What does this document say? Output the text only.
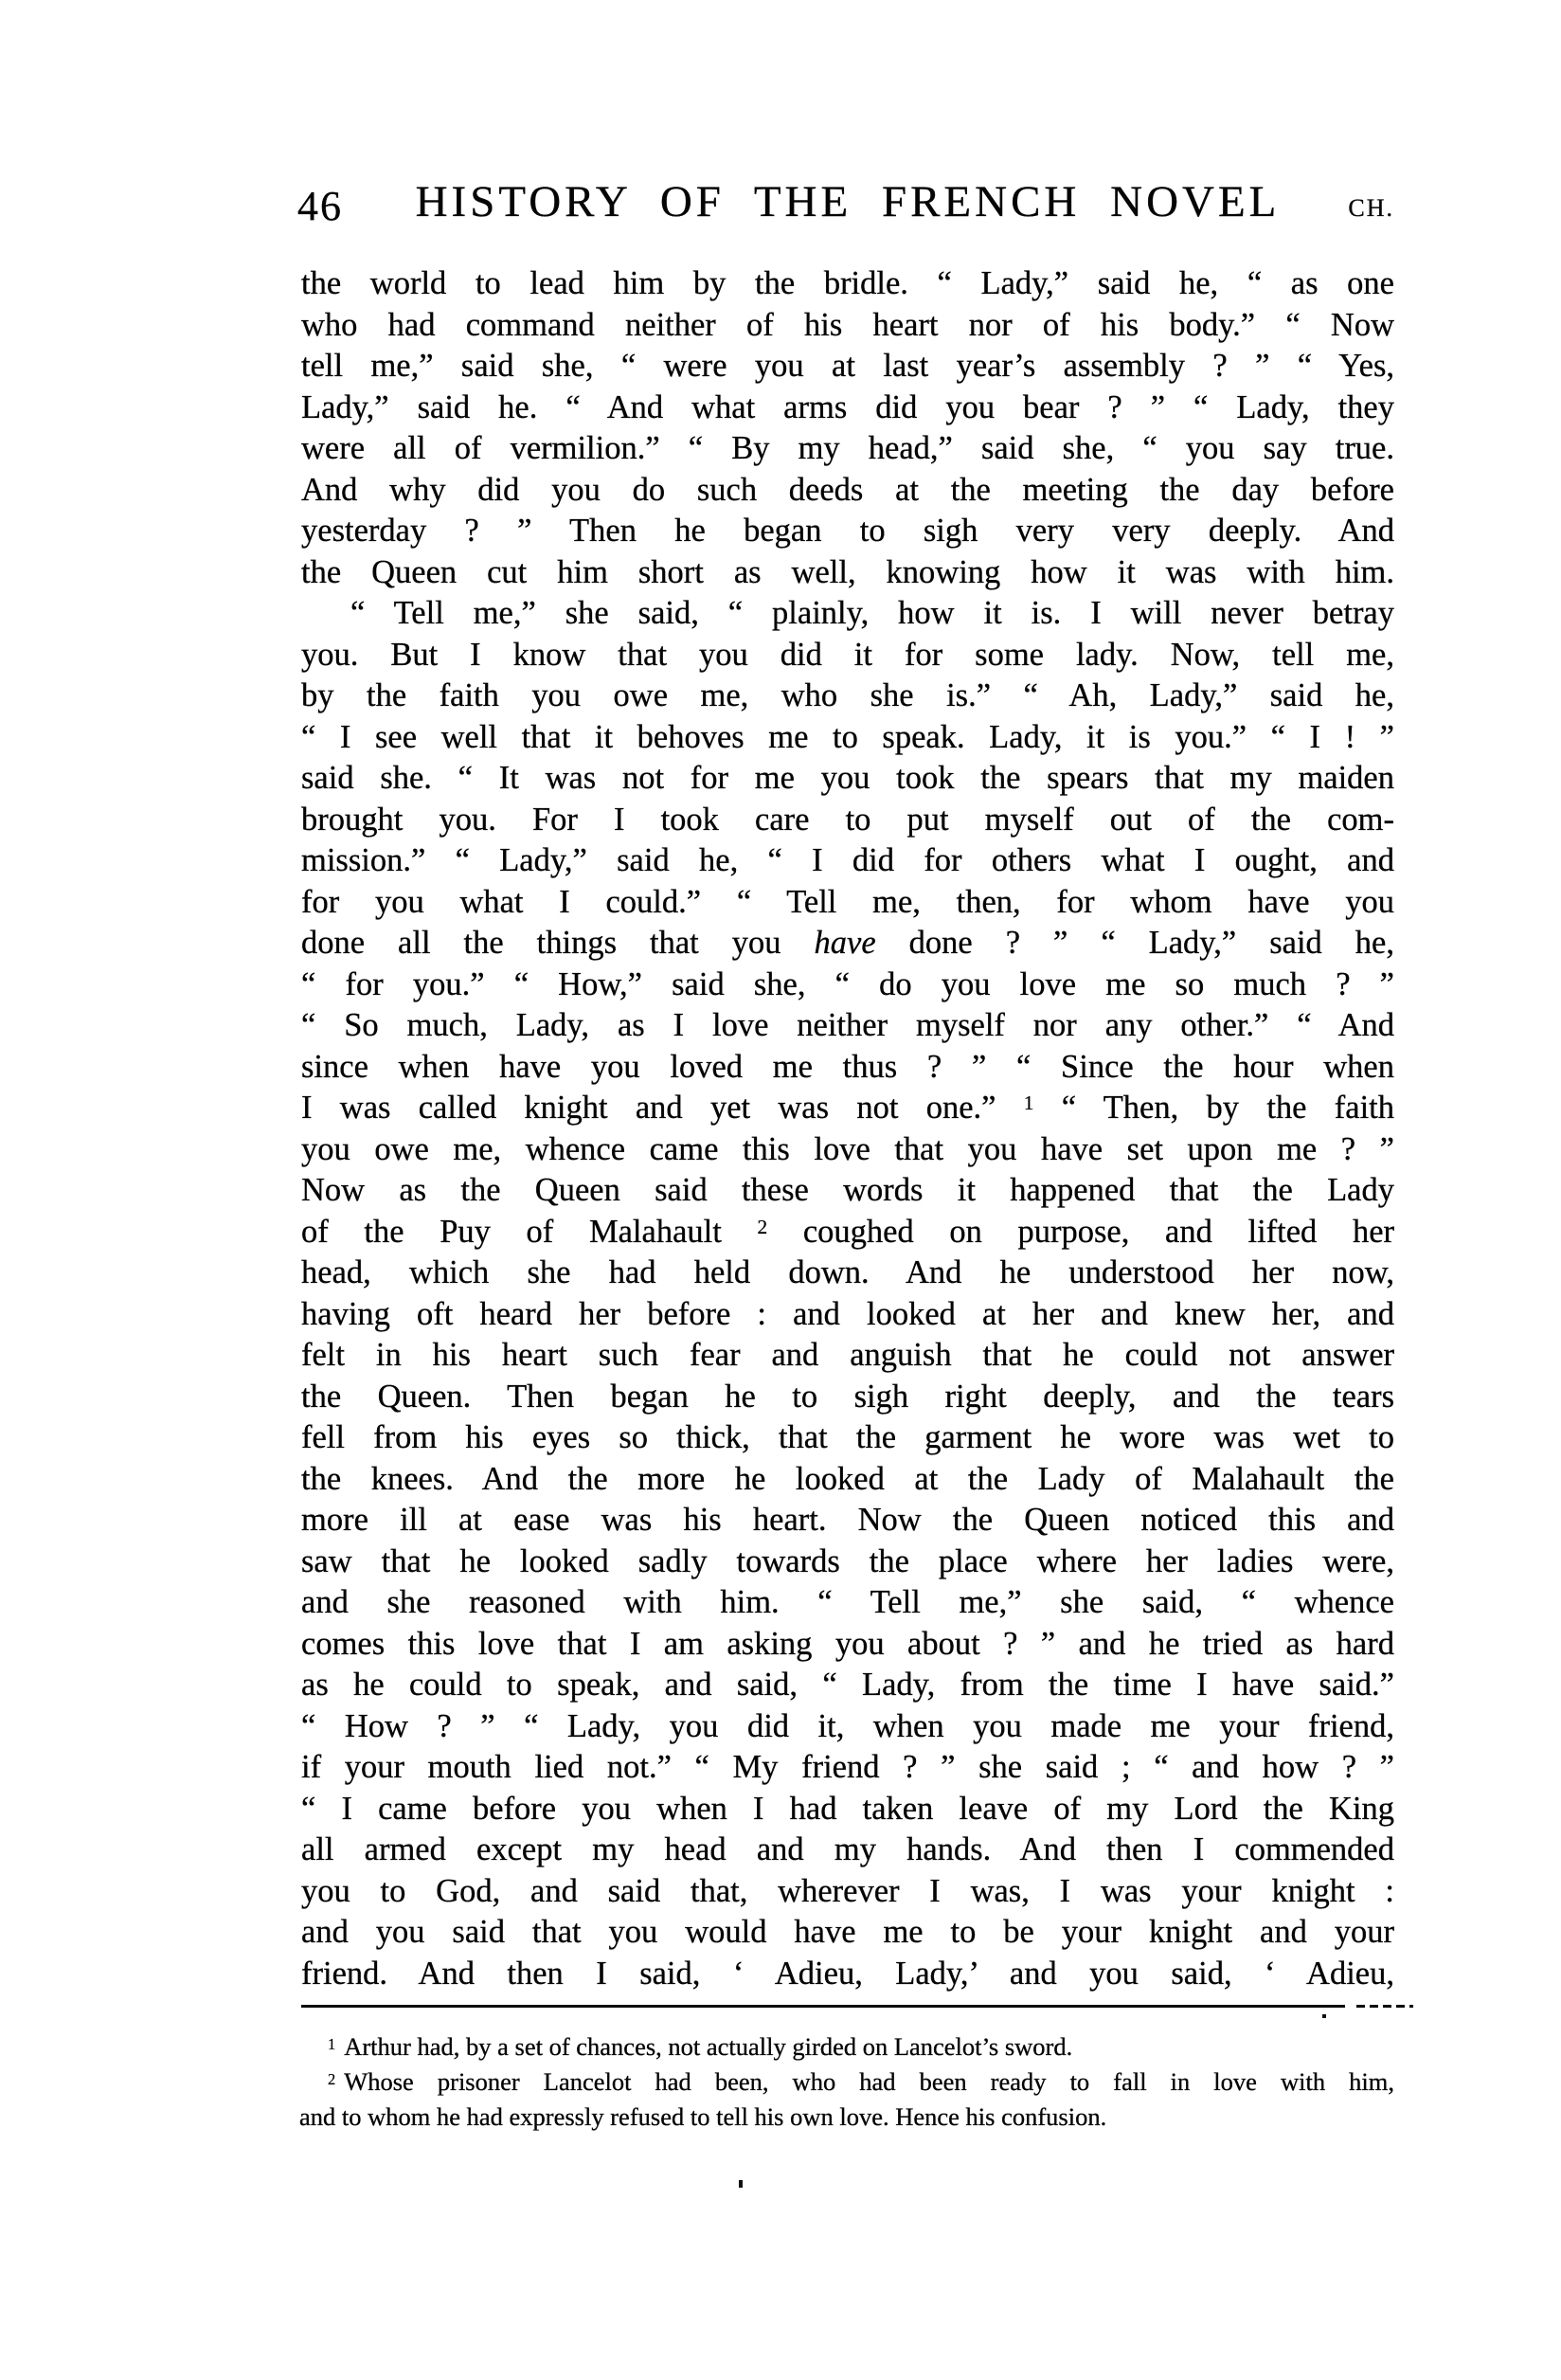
46 HISTORY OF THE FRENCH NOVEL	CH.
the world to lead him by the bridle. “ Lady,” said he, “ as one
who had command neither of his heart nor of his body.” “ Now
tell me,” said she, “ were you at last year’s assembly ? ” “ Yes,
Lady,” said he. “ And what arms did you bear ? ” “ Lady, they
were all of vermilion.” “ By my head,” said she, “ you say true.
And why did you do such deeds at the meeting the day before
yesterday ? ” Then he began to sigh very very deeply. And
the Queen cut him short as well, knowing how it was with him.
“ Tell me,” she said, “ plainly, how it is. I will never betray
you. But I know that you did it for some lady. Now, tell me,
by the faith you owe me, who she is.” “ Ah, Lady,” said he,
“ I see well that it behoves me to speak. Lady, it is you.” “ I ! ”
said she. “ It was not for me you took the spears that my maiden
brought you. For I took care to put myself out of the com-
mission.” “ Lady,” said he, “ I did for others what I ought, and
for you what I could.” “ Tell me, then, for whom have you
done all the things that you have done ? ” “ Lady,” said he,
“ for you.” “ How,” said she, “ do you love me so much ? ”
“ So much, Lady, as I love neither myself nor any other.” “ And
since when have you loved me thus ? ” “ Since the hour when
I was called knight and yet was not one.” $^1$ “ Then, by the faith
you owe me, whence came this love that you have set upon me ? ”
Now as the Queen said these words it happened that the Lady
of the Puy of Malahault $^2$ coughed on purpose, and lifted her
head, which she had held down. And he understood her now,
having oft heard her before : and looked at her and knew her, and
felt in his heart such fear and anguish that he could not answer
the Queen. Then began he to sigh right deeply, and the tears
fell from his eyes so thick, that the garment he wore was wet to
the knees. And the more he looked at the Lady of Malahault the
more ill at ease was his heart. Now the Queen noticed this and
saw that he looked sadly towards the place where her ladies were,
and she reasoned with him. “ Tell me,” she said, “ whence
comes this love that I am asking you about ? ” and he tried as hard
as he could to speak, and said, “ Lady, from the time I have said.”
“ How ? ” “ Lady, you did it, when you made me your friend,
if your mouth lied not.” “ My friend ? ” she said ; “ and how ? ”
“ I came before you when I had taken leave of my Lord the King
all armed except my head and my hands. And then I commended
you to God, and said that, wherever I was, I was your knight :
and you said that you would have me to be your knight and your
friend. And then I said, ‘ Adieu, Lady,’ and you said, ‘ Adieu,
$^1$ Arthur had, by a set of chances, not actually girded on Lancelot’s sword.
$^2$ Whose prisoner Lancelot had been, who had been ready to fall in love with him,
and to whom he had expressly refused to tell his own love. Hence his confusion.
